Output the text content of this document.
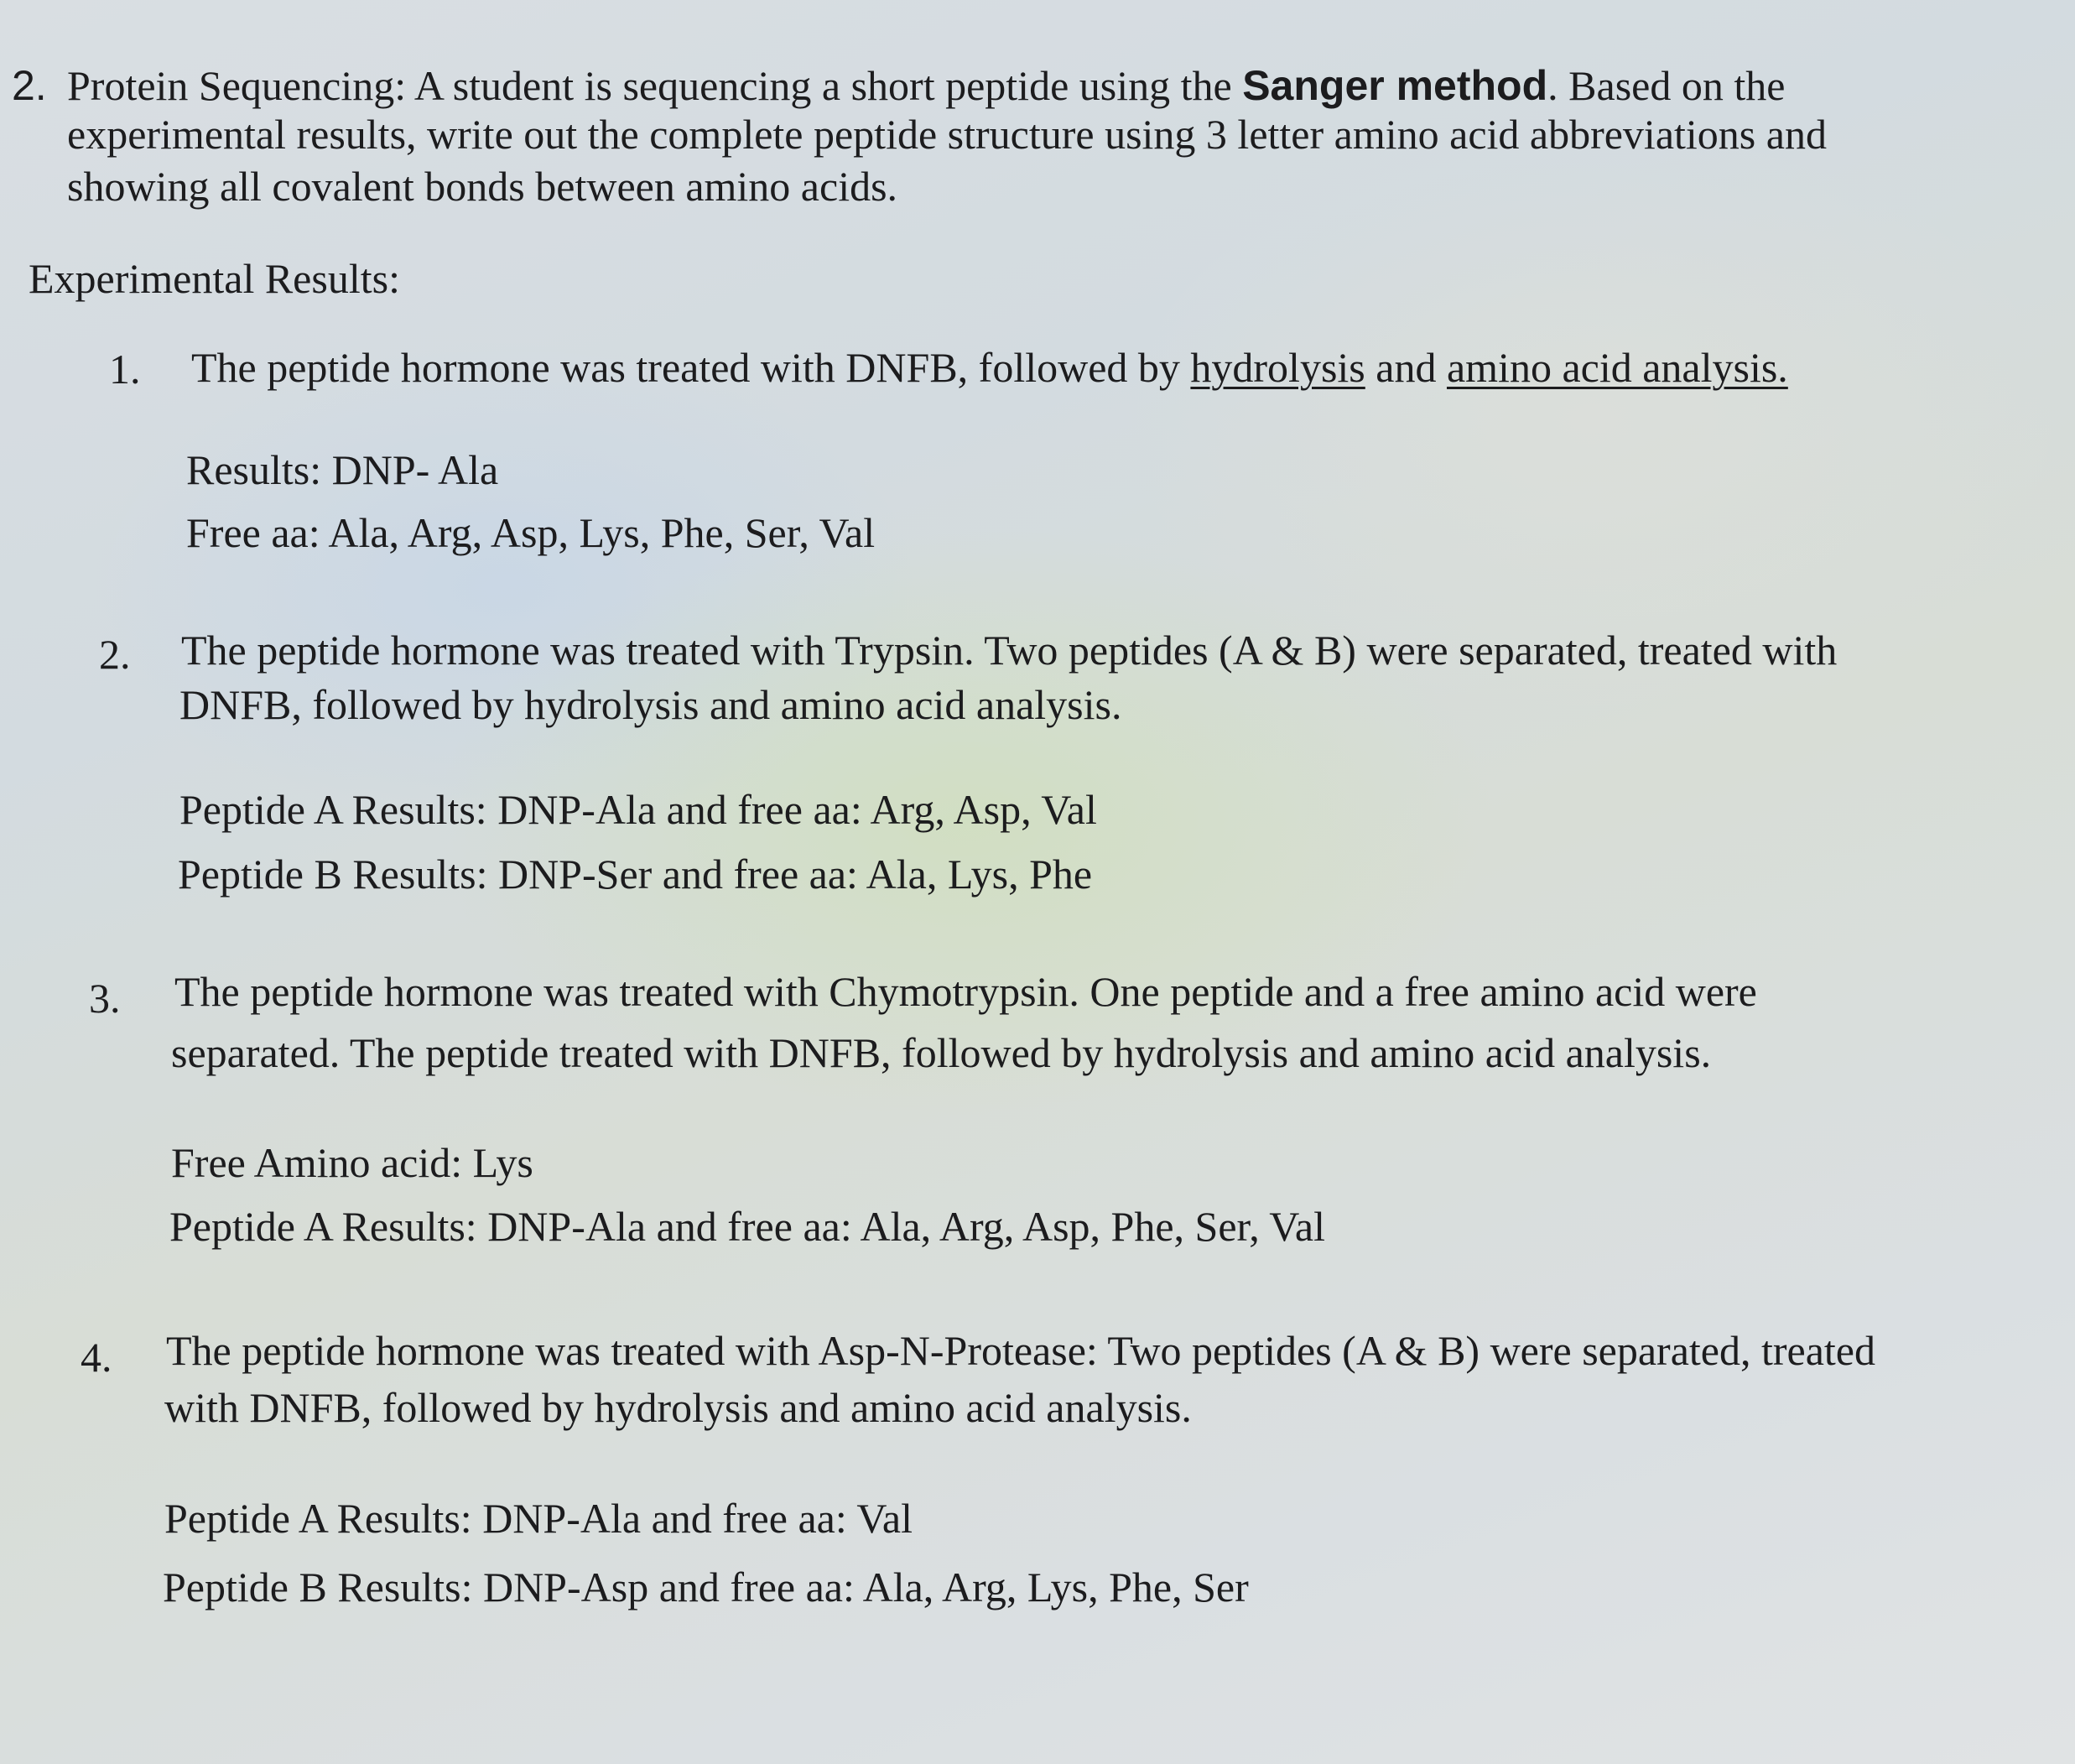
2. Protein Sequencing: A student is sequencing a short peptide using the Sanger method. Based on the
experimental results, write out the complete peptide structure using 3 letter amino acid abbreviations and
showing all covalent bonds between amino acids.
Experimental Results:
1. The peptide hormone was treated with DNFB, followed by hydrolysis and amino acid analysis.
Results: DNP- Ala
Free aa: Ala, Arg, Asp, Lys, Phe, Ser, Val
2. The peptide hormone was treated with Trypsin. Two peptides (A & B) were separated, treated with
DNFB, followed by hydrolysis and amino acid analysis.
Peptide A Results: DNP-Ala and free aa: Arg, Asp, Val
Peptide B Results: DNP-Ser and free aa: Ala, Lys, Phe
3. The peptide hormone was treated with Chymotrypsin. One peptide and a free amino acid were
separated. The peptide treated with DNFB, followed by hydrolysis and amino acid analysis.
Free Amino acid: Lys
Peptide A Results: DNP-Ala and free aa: Ala, Arg, Asp, Phe, Ser, Val
4. The peptide hormone was treated with Asp-N-Protease: Two peptides (A & B) were separated, treated
with DNFB, followed by hydrolysis and amino acid analysis.
Peptide A Results: DNP-Ala and free aa: Val
Peptide B Results: DNP-Asp and free aa: Ala, Arg, Lys, Phe, Ser
